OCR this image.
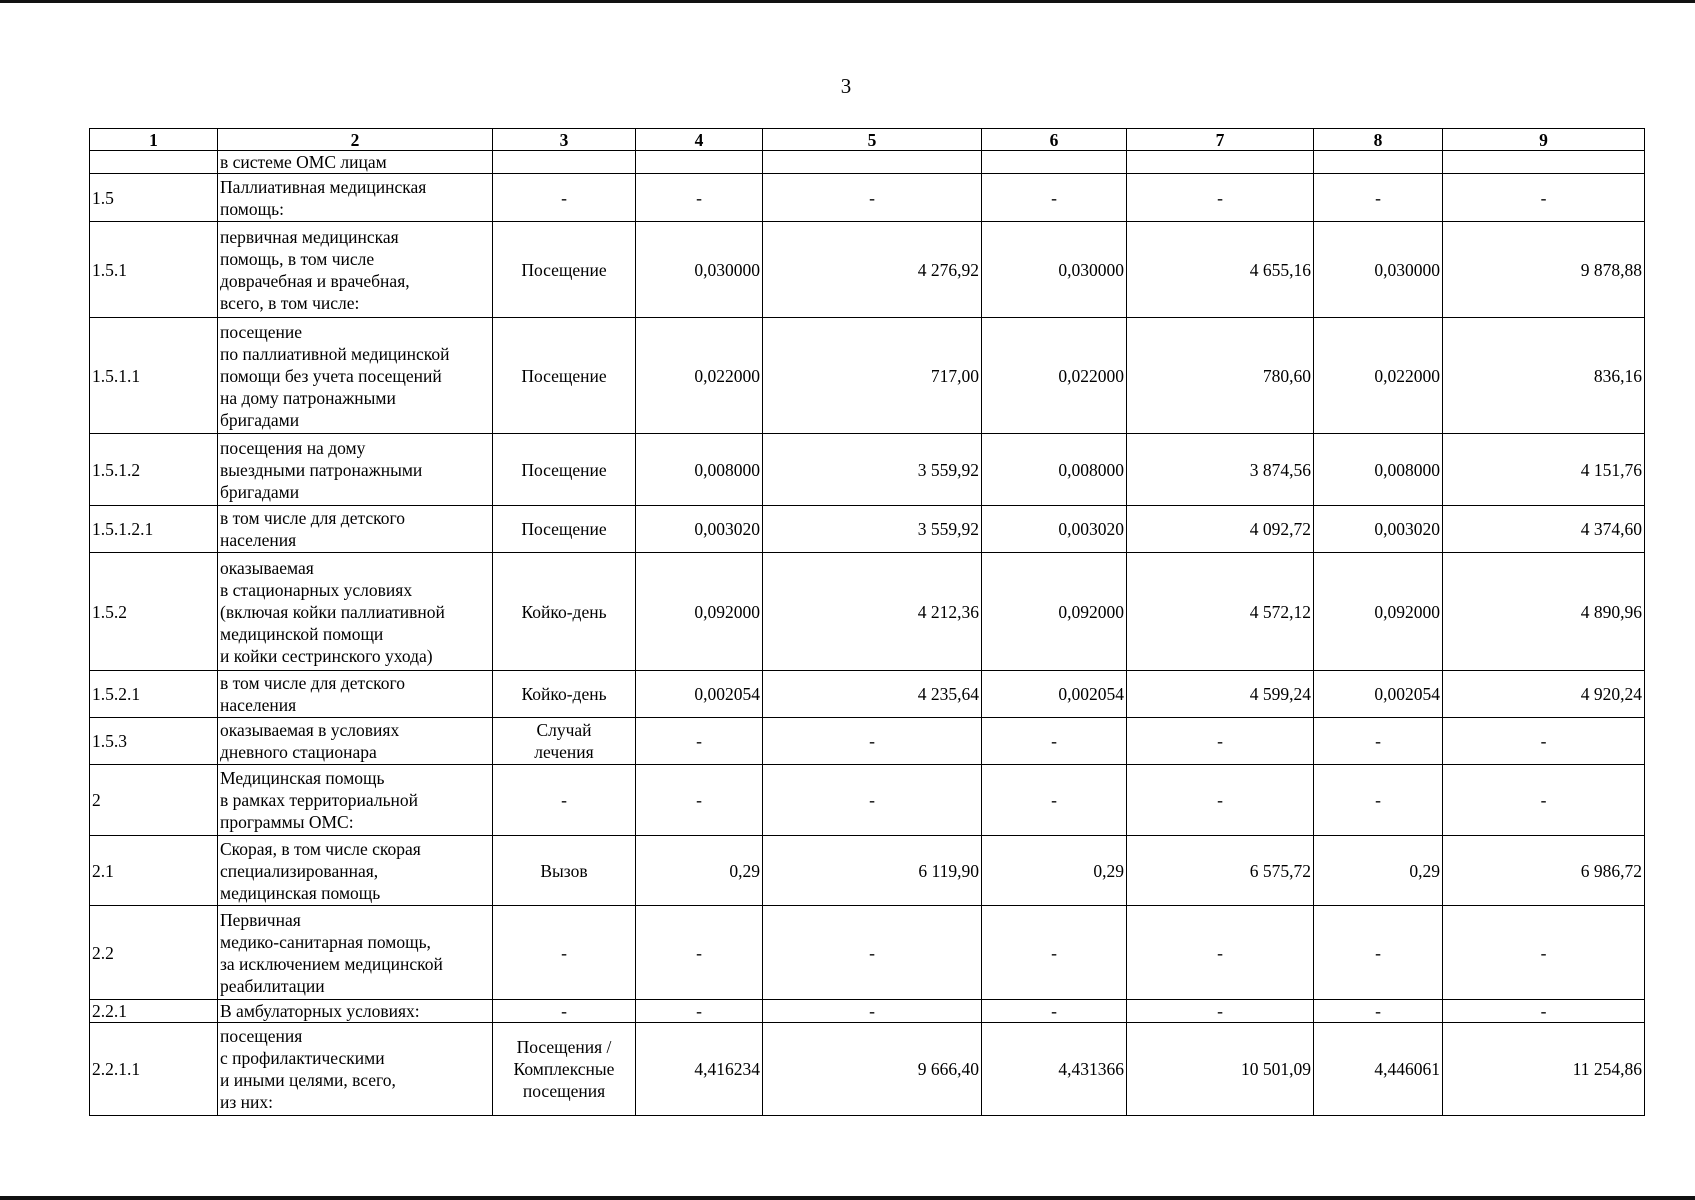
3
1	2	3	4	5	6	7	8	9
	в системе ОМС лицам							
1.5	Паллиативная медицинская
помощь:	-	-	-	-	-	-	-
1.5.1	первичная медицинская
помощь, в том числе
доврачебная и врачебная,
всего, в том числе:	Посещение	0,030000	4 276,92	0,030000	4 655,16	0,030000	9 878,88
1.5.1.1	посещение
по паллиативной медицинской
помощи без учета посещений
на дому патронажными
бригадами	Посещение	0,022000	717,00	0,022000	780,60	0,022000	836,16
1.5.1.2	посещения на дому
выездными патронажными
бригадами	Посещение	0,008000	3 559,92	0,008000	3 874,56	0,008000	4 151,76
1.5.1.2.1	в том числе для детского
населения	Посещение	0,003020	3 559,92	0,003020	4 092,72	0,003020	4 374,60
1.5.2	оказываемая
в стационарных условиях
(включая койки паллиативной
медицинской помощи
и койки сестринского ухода)	Койко-день	0,092000	4 212,36	0,092000	4 572,12	0,092000	4 890,96
1.5.2.1	в том числе для детского
населения	Койко-день	0,002054	4 235,64	0,002054	4 599,24	0,002054	4 920,24
1.5.3	оказываемая в условиях
дневного стационара	Случай
лечения	-	-	-	-	-	-
2	Медицинская помощь
в рамках территориальной
программы ОМС:	-	-	-	-	-	-	-
2.1	Скорая, в том числе скорая
специализированная,
медицинская помощь	Вызов	0,29	6 119,90	0,29	6 575,72	0,29	6 986,72
2.2	Первичная
медико-санитарная помощь,
за исключением медицинской
реабилитации	-	-	-	-	-	-	-
2.2.1	В амбулаторных условиях:	-	-	-	-	-	-	-
2.2.1.1	посещения
с профилактическими
и иными целями, всего,
из них:	Посещения /
Комплексные
посещения	4,416234	9 666,40	4,431366	10 501,09	4,446061	11 254,86
